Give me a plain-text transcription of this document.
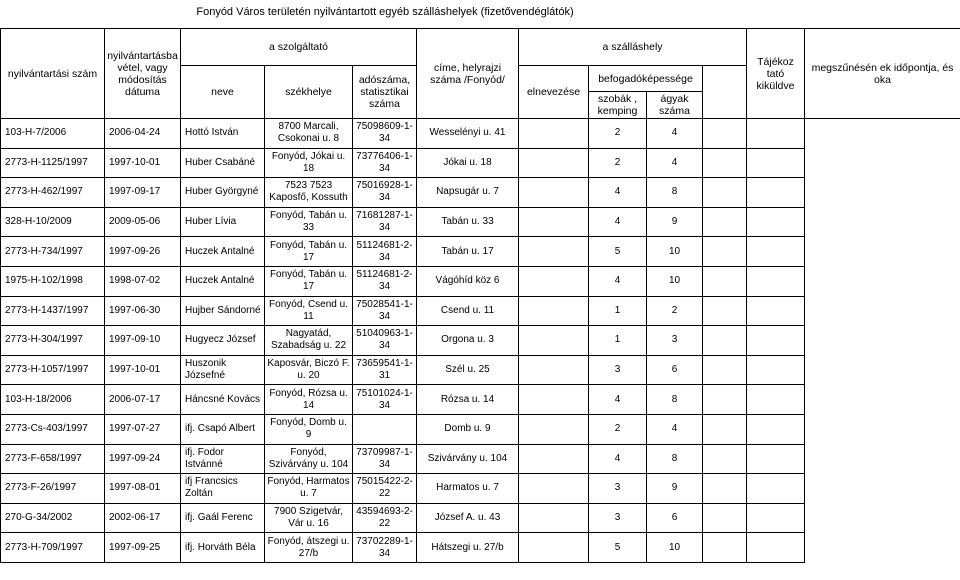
Fonyód Város területén nyilvántartott egyéb szálláshelyek (fizetővendéglátók)
nyilvántartási szám	nyilvántartásba vétel, vagy módosítás dátuma	a szolgáltató			címe, helyrajzi száma /Fonyód/	a szálláshely				Tájékoz tató kiküldve	megszűnésén ek időpontja, és oka
		neve	székhelye	adószáma, statisztikai száma		elnevezése	befogadóképessége				
							szobák , kemping	ágyak száma			
103-H-7/2006	2006-04-24	Hottó István	8700 Marcali, Csokonai u. 8	75098609-1-34	Wesselényi u. 41		2	4			
2773-H-1125/1997	1997-10-01	Huber Csabáné	Fonyód, Jókai u. 18	73776406-1-34	Jókai u. 18		2	4			
2773-H-462/1997	1997-09-17	Huber Györgyné	7523 7523 Kaposfő, Kossuth	75016928-1-34	Napsugár u. 7		4	8			
328-H-10/2009	2009-05-06	Huber Lívia	Fonyód, Tabán u. 33	71681287-1-34	Tabán u. 33		4	9			
2773-H-734/1997	1997-09-26	Huczek Antalné	Fonyód, Tabán u. 17	51124681-2-34	Tabán u. 17		5	10			
1975-H-102/1998	1998-07-02	Huczek Antalné	Fonyód, Tabán u. 17	51124681-2-34	Vágóhíd köz 6		4	10			
2773-H-1437/1997	1997-06-30	Hujber Sándorné	Fonyód, Csend u. 11	75028541-1-34	Csend u. 11		1	2			
2773-H-304/1997	1997-09-10	Hugyecz József	Nagyatád, Szabadság u. 22	51040963-1-34	Orgona u. 3		1	3			
2773-H-1057/1997	1997-10-01	Huszonik Józsefné	Kaposvár, Biczó F. u. 20	73659541-1-31	Szél u. 25		3	6			
103-H-18/2006	2006-07-17	Háncsné Kovács	Fonyód, Rózsa u. 14	75101024-1-34	Rózsa u. 14		4	8			
2773-Cs-403/1997	1997-07-27	ifj. Csapó Albert	Fonyód, Domb u. 9		Domb u. 9		2	4			
2773-F-658/1997	1997-09-24	ifj. Fodor Istvánné	Fonyód, Szivárvány u. 104	73709987-1-34	Szivárvány u. 104		4	8			
2773-F-26/1997	1997-08-01	ifj Francsics Zoltán	Fonyód, Harmatos u. 7	75015422-2-22	Harmatos u. 7		3	9			
270-G-34/2002	2002-06-17	ifj. Gaál Ferenc	7900 Szigetvár, Vár u. 16	43594693-2-22	József A. u. 43		3	6			
2773-H-709/1997	1997-09-25	ifj. Horváth Béla	Fonyód, átszegi u. 27/b	73702289-1-34	Hátszegi u. 27/b		5	10			
